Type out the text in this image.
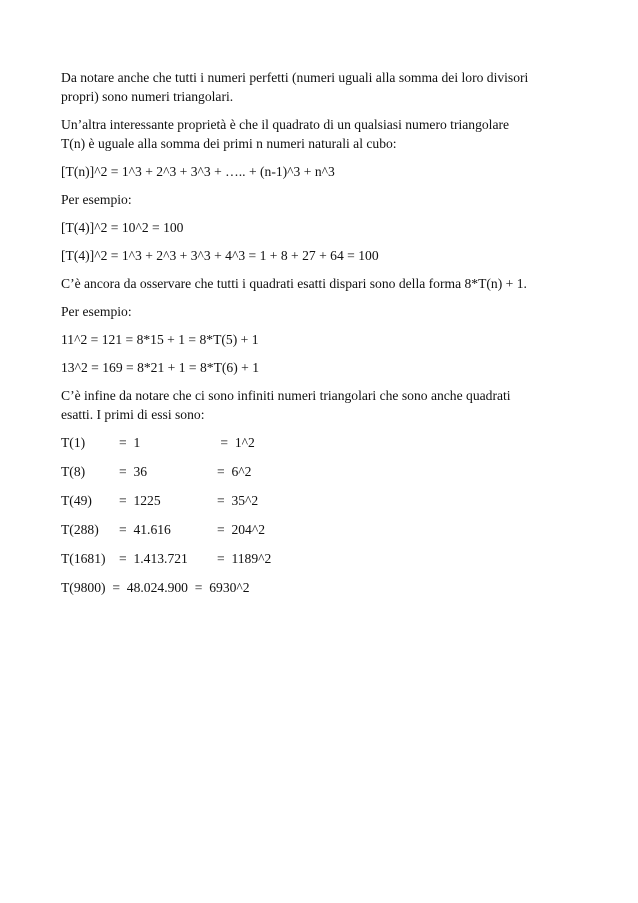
Da notare anche che tutti i numeri perfetti (numeri uguali alla somma dei loro divisori
propri) sono numeri triangolari.

Un’altra interessante proprietà è che il quadrato di un qualsiasi numero triangolare
T(n) è uguale alla somma dei primi n numeri naturali al cubo:

[T(n)]^2 = 1^3 + 2^3 + 3^3 + ….. + (n-1)^3 + n^3

Per esempio:

[T(4)]^2 = 10^2 = 100

[T(4)]^2 = 1^3 + 2^3 + 3^3 + 4^3 = 1 + 8 + 27 + 64 = 100

C’è ancora da osservare che tutti i quadrati esatti dispari sono della forma 8*T(n) + 1.

Per esempio:

11^2 = 121 = 8*15 + 1 = 8*T(5) + 1

13^2 = 169 = 8*21 + 1 = 8*T(6) + 1

C’è infine da notare che ci sono infiniti numeri triangolari che sono anche quadrati
esatti. I primi di essi sono:

T(1)	=  1	=  1^2
T(8)	=  36	=  6^2
T(49)	=  1225	=  35^2
T(288)	=  41.616	=  204^2
T(1681) =  1.413.721	=  1189^2
T(9800)  =  48.024.900  =  6930^2
